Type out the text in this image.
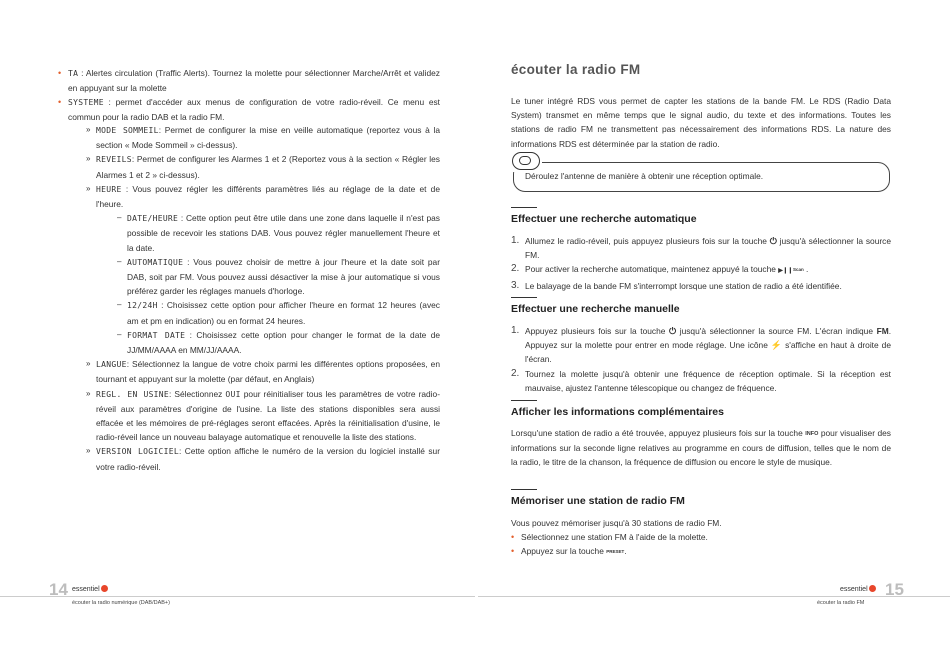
• TA : Alertes circulation (Traffic Alerts). Tournez la molette pour sélectionner Marche/Arrêt et validez en appuyant sur la molette
• SYSTEME : permet d'accéder aux menus de configuration de votre radio-réveil. Ce menu est commun pour la radio DAB et la radio FM.
» MODE SOMMEIL: Permet de configurer la mise en veille automatique (reportez vous à la section « Mode Sommeil » ci-dessus).
» REVEILS: Permet de configurer les Alarmes 1 et 2 (Reportez vous à la section « Régler les Alarmes 1 et 2 » ci-dessus).
» HEURE : Vous pouvez régler les différents paramètres liés au réglage de la date et de l'heure.
– DATE/HEURE : Cette option peut être utile dans une zone dans laquelle il n'est pas possible de recevoir les stations DAB. Vous pouvez régler manuellement l'heure et la date.
– AUTOMATIQUE : Vous pouvez choisir de mettre à jour l'heure et la date soit par DAB, soit par FM. Vous pouvez aussi désactiver la mise à jour automatique si vous préférez garder les réglages manuels d'horloge.
– 12/24H : Choisissez cette option pour afficher l'heure en format 12 heures (avec am et pm en indication) ou en format 24 heures.
– FORMAT DATE : Choisissez cette option pour changer le format de la date de JJ/MM/AAAA en MM/JJ/AAAA.
» LANGUE: Sélectionnez la langue de votre choix parmi les différentes options proposées, en tournant et appuyant sur la molette (par défaut, en Anglais)
» REGL. EN USINE: Sélectionnez OUI pour réinitialiser tous les paramètres de votre radio-réveil aux paramètres d'origine de l'usine. La liste des stations disponibles sera aussi effacée et les mémoires de pré-réglages seront effacées. Après la réinitialisation d'usine, le radio-réveil lance un nouveau balayage automatique et renouvelle la liste des stations.
» VERSION LOGICIEL: Cette option affiche le numéro de la version du logiciel installé sur votre radio-réveil.
14 essentiel
écouter la radio numérique (DAB/DAB+)
écouter la radio FM
Le tuner intégré RDS vous permet de capter les stations de la bande FM. Le RDS (Radio Data System) transmet en même temps que le signal audio, du texte et des informations. Toutes les stations de radio FM ne transmettent pas nécessairement des informations RDS. La nature des informations RDS est déterminée par la station de radio.
Déroulez l'antenne de manière à obtenir une réception optimale.
Effectuer une recherche automatique
1. Allumez le radio-réveil, puis appuyez plusieurs fois sur la touche ⏻ jusqu'à sélectionner la source FM.
2. Pour activer la recherche automatique, maintenez appuyé la touche ▶❙❙Scan .
3. Le balayage de la bande FM s'interrompt lorsque une station de radio a été identifiée.
Effectuer une recherche manuelle
1. Appuyez plusieurs fois sur la touche ⏻ jusqu'à sélectionner la source FM. L'écran indique FM. Appuyez sur la molette pour entrer en mode réglage. Une icône ⚡ s'affiche en haut à droite de l'écran.
2. Tournez la molette jusqu'à obtenir une fréquence de réception optimale. Si la réception est mauvaise, ajustez l'antenne télescopique ou changez de fréquence.
Afficher les informations complémentaires
Lorsqu'une station de radio a été trouvée, appuyez plusieurs fois sur la touche INFO pour visualiser des informations sur la seconde ligne relatives au programme en cours de diffusion, telles que le nom de la radio, le titre de la chanson, la fréquence de diffusion ou encore le style de musique.
Mémoriser une station de radio FM
Vous pouvez mémoriser jusqu'à 30 stations de radio FM.
• Sélectionnez une station FM à l'aide de la molette.
• Appuyez sur la touche PRESET.
essentiel	15
écouter la radio FM
